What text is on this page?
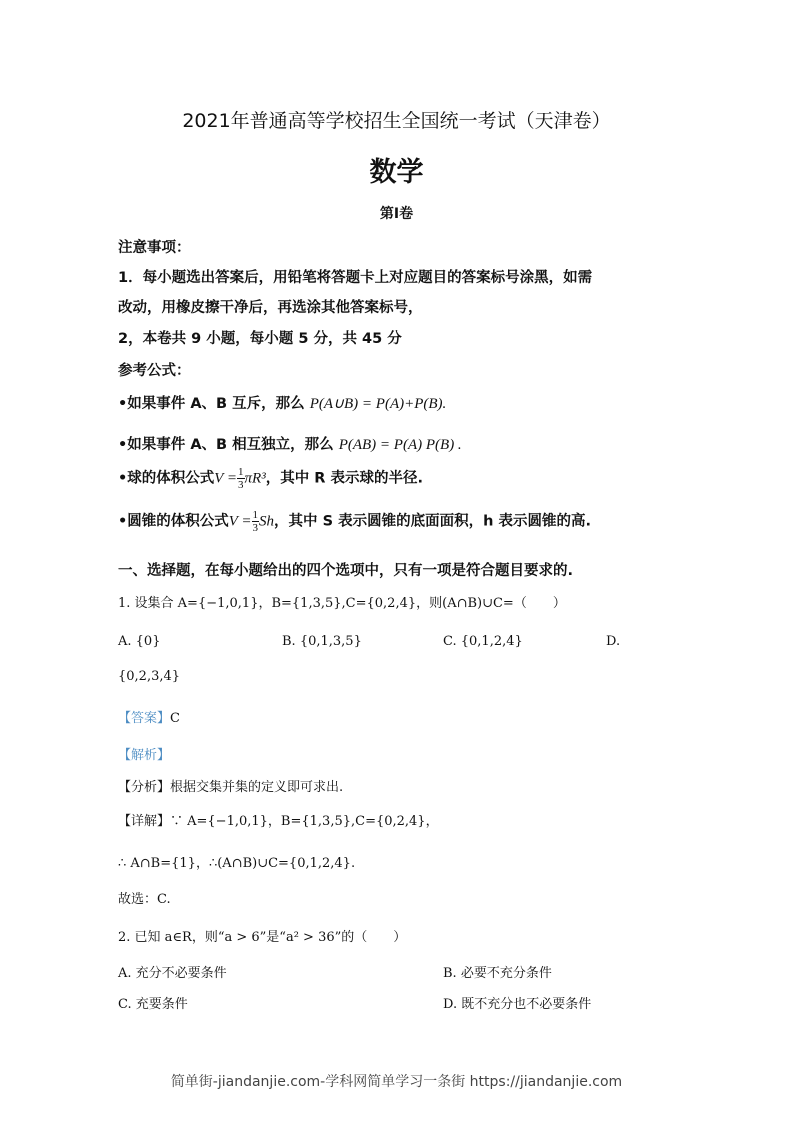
2021年普通高等学校招生全国统一考试（天津卷）
数学
第I卷
注意事项：
1．每小题选出答案后，用铅笔将答题卡上对应题目的答案标号涂黑，如需
改动，用橡皮擦干净后，再选涂其他答案标号，
2，本卷共 9 小题，每小题 5 分，共 45 分
参考公式：
•如果事件 A、B 互斥，那么 P(A∪B) = P(A)+P(B).
•如果事件 A、B 相互独立，那么 P(AB) = P(A) P(B) .
•球的体积公式$V = \frac{1}{3} \pi R^3$，其中 R 表示球的半径.
•圆锥的体积公式$V = \frac{1}{3}$ Sh，其中 S 表示圆锥的底面面积，h 表示圆锥的高.
一、选择题，在每小题给出的四个选项中，只有一项是符合题目要求的.
1. 设集合 A={−1,0,1}，B={1,3,5},C={0,2,4}，则(A∩B)∪C=（　　）
A. {0}	B. {0,1,3,5}	C. {0,1,2,4}	D.
{0,2,3,4}
【答案】C
【解析】
【分析】根据交集并集的定义即可求出.
【详解】∵ A={−1,0,1}，B={1,3,5},C={0,2,4}，
∴ A∩B={1}，∴(A∩B)∪C={0,1,2,4}.
故选：C.
2. 已知 a∈R，则“a > 6”是“a² > 36”的（　　）
A. 充分不必要条件	B. 必要不充分条件
C. 充要条件	D. 既不充分也不必要条件
简单街-jiandanjie.com-学科网简单学习一条街 https://jiandanjie.com
